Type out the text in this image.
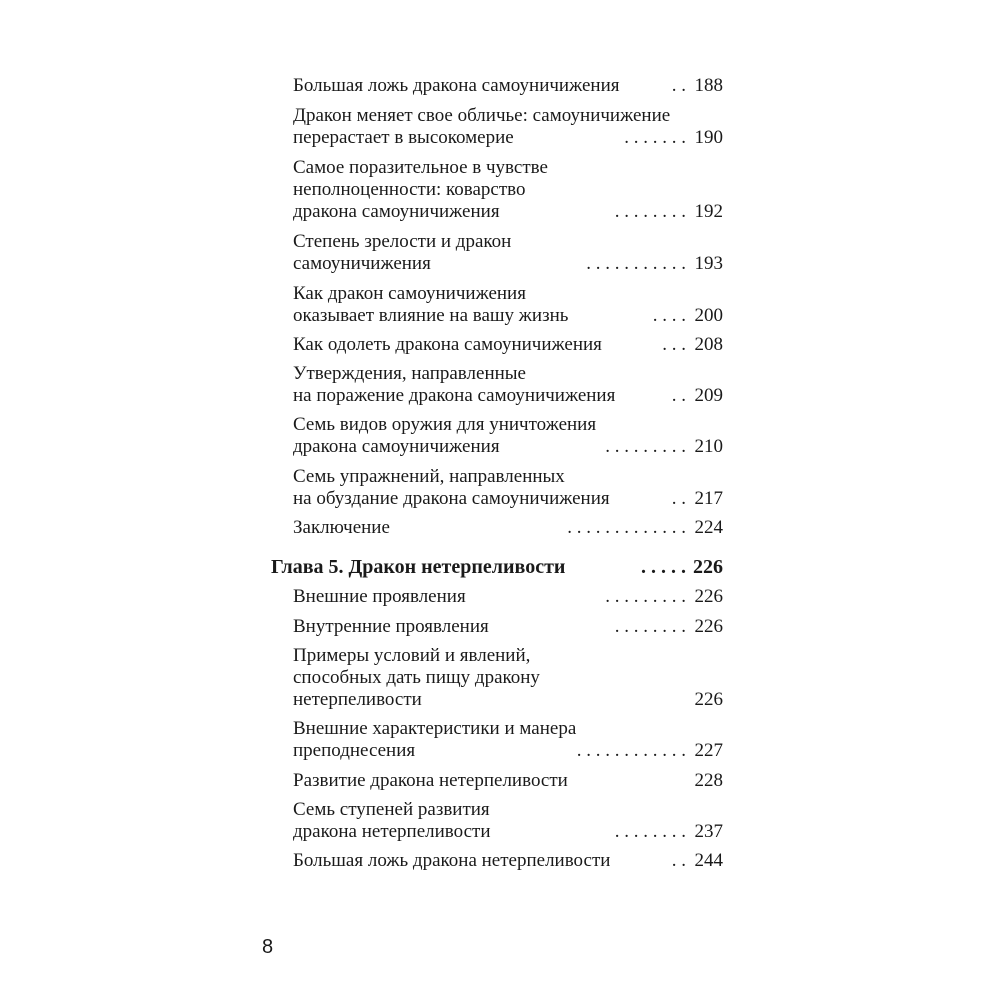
Большая ложь дракона самоуничижения	. . 188
Дракон меняет свое обличье: самоуничижение
перерастает в высокомерие	. . . . . . . 190
Самое поразительное в чувстве
неполноценности: коварство
дракона самоуничижения	. . . . . . . . 192
Степень зрелости и дракон
самоуничижения	. . . . . . . . . . . 193
Как дракон самоуничижения
оказывает влияние на вашу жизнь	. . . . 200
Как одолеть дракона самоуничижения	. . . 208
Утверждения, направленные
на поражение дракона самоуничижения	. . 209
Семь видов оружия для уничтожения
дракона самоуничижения	. . . . . . . . . 210
Семь упражнений, направленных
на обуздание дракона самоуничижения	. . 217
Заключение	. . . . . . . . . . . . . 224
Глава 5. Дракон нетерпеливости	. . . . . 226
Внешние проявления	. . . . . . . . . 226
Внутренние проявления	. . . . . . . . 226
Примеры условий и явлений,
способных дать пищу дракону
нетерпеливости	226
Внешние характеристики и манера
преподнесения	. . . . . . . . . . . . 227
Развитие дракона нетерпеливости	228
Семь ступеней развития
дракона нетерпеливости	. . . . . . . . 237
Большая ложь дракона нетерпеливости	. . 244
8
